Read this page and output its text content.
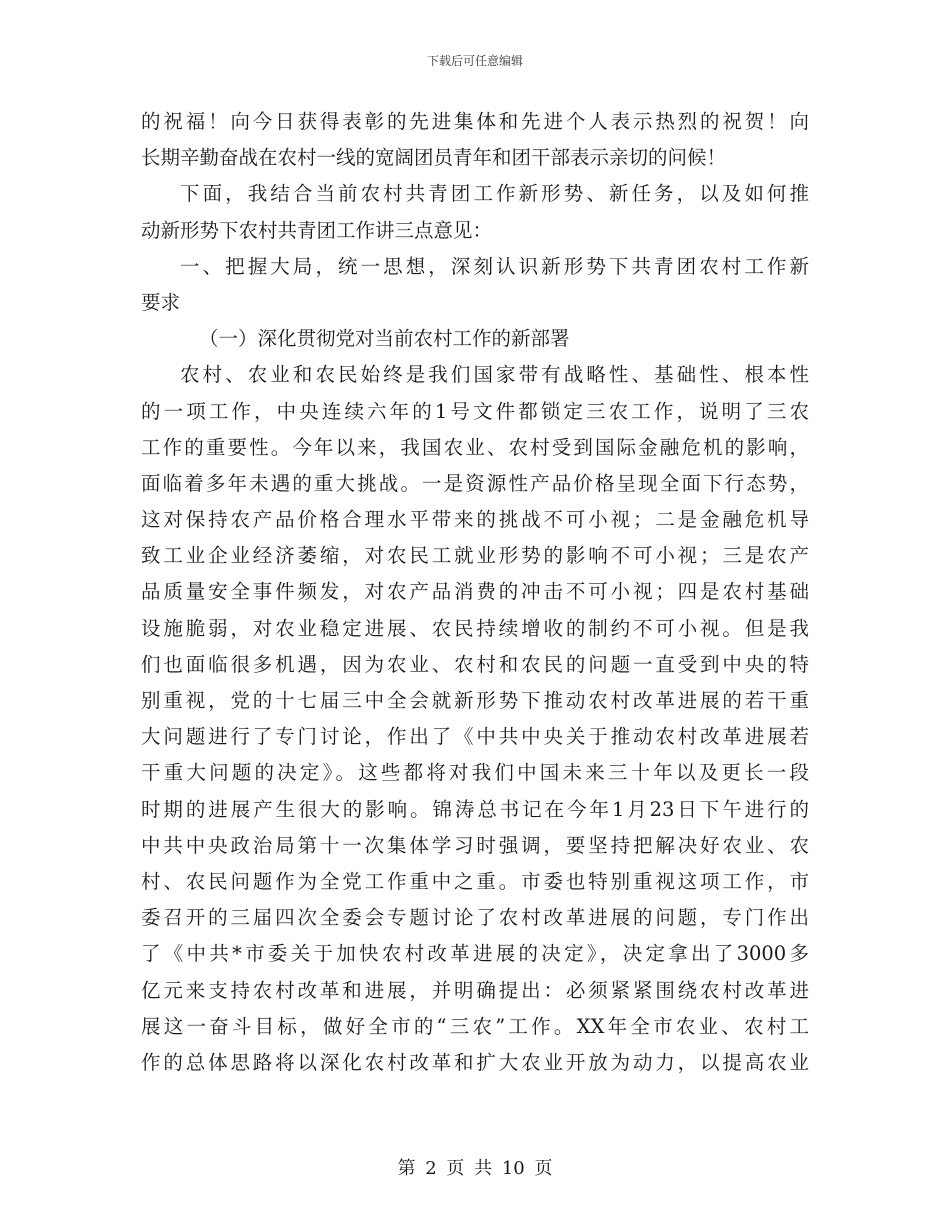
下载后可任意编辑
的祝福！向今日获得表彰的先进集体和先进个人表示热烈的祝贺！向
长期辛勤奋战在农村一线的宽阔团员青年和团干部表示亲切的问候！
下面，我结合当前农村共青团工作新形势、新任务，以及如何推
动新形势下农村共青团工作讲三点意见：
一、把握大局，统一思想，深刻认识新形势下共青团农村工作新
要求
（一）深化贯彻党对当前农村工作的新部署
农村、农业和农民始终是我们国家带有战略性、基础性、根本性
的一项工作，中央连续六年的1号文件都锁定三农工作，说明了三农
工作的重要性。今年以来，我国农业、农村受到国际金融危机的影响，
面临着多年未遇的重大挑战。一是资源性产品价格呈现全面下行态势，
这对保持农产品价格合理水平带来的挑战不可小视；二是金融危机导
致工业企业经济萎缩，对农民工就业形势的影响不可小视；三是农产
品质量安全事件频发，对农产品消费的冲击不可小视；四是农村基础
设施脆弱，对农业稳定进展、农民持续增收的制约不可小视。但是我
们也面临很多机遇，因为农业、农村和农民的问题一直受到中央的特
别重视，党的十七届三中全会就新形势下推动农村改革进展的若干重
大问题进行了专门讨论，作出了《中共中央关于推动农村改革进展若
干重大问题的决定》。这些都将对我们中国未来三十年以及更长一段
时期的进展产生很大的影响。锦涛总书记在今年1月23日下午进行的
中共中央政治局第十一次集体学习时强调，要坚持把解决好农业、农
村、农民问题作为全党工作重中之重。市委也特别重视这项工作，市
委召开的三届四次全委会专题讨论了农村改革进展的问题，专门作出
了《中共*市委关于加快农村改革进展的决定》，决定拿出了3000多
亿元来支持农村改革和进展，并明确提出：必须紧紧围绕农村改革进
展这一奋斗目标，做好全市的“三农”工作。XX年全市农业、农村工
作的总体思路将以深化农村改革和扩大农业开放为动力，以提高农业
第 2 页 共 10 页
